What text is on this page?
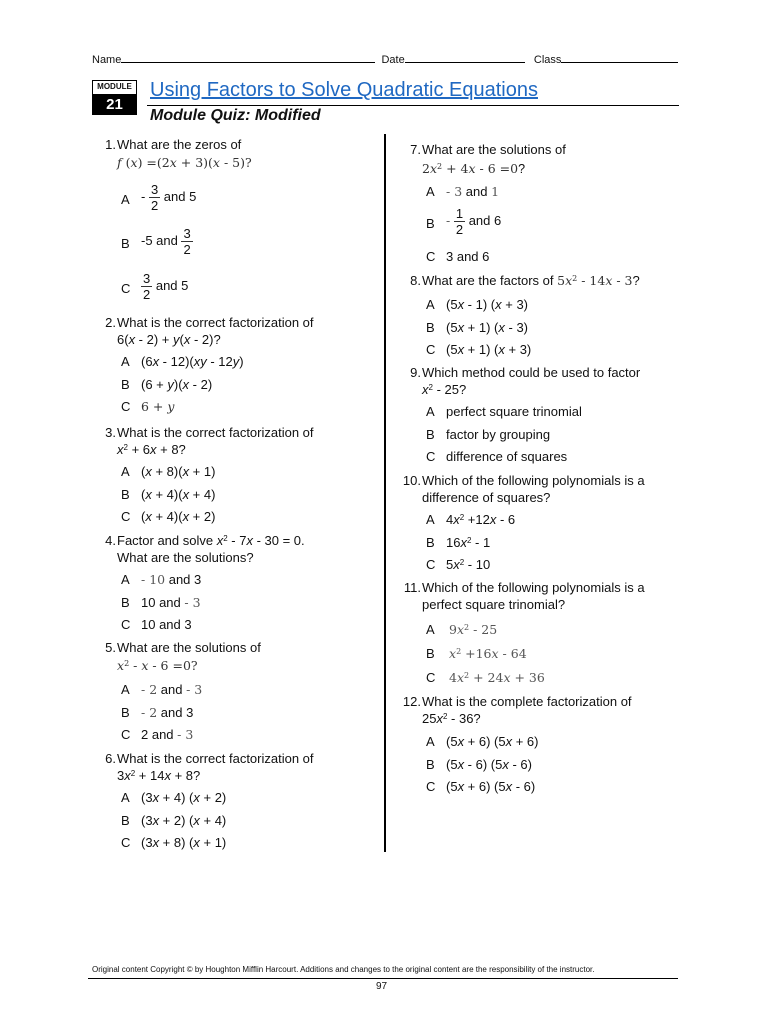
Name	Date	Class
MODULE
21
Using Factors to Solve Quadratic Equations
Module Quiz: Modified
1. What are the zeros of
f (x) =(2x + 3)(x - 5)?
A - $\frac{3}{2}$ and 5
B -5 and $\frac{3}{2}$
C $\frac{3}{2}$ and 5
2. What is the correct factorization of
6(x - 2) + y(x - 2)?
A (6x - 12)(xy - 12y)
B (6 + y)(x - 2)
C 6 + y
3. What is the correct factorization of
$x^2 + 6x + 8$?
A (x + 8)(x + 1)
B (x + 4)(x + 4)
C (x + 4)(x + 2)
4. Factor and solve $x^2 - 7x - 30 = 0$.
What are the solutions?
A - 10 and 3
B 10 and - 3
C 10 and 3
5. What are the solutions of
$x^2 - x - 6 =0$?
A - 2 and - 3
B - 2 and 3
C 2 and - 3
6. What is the correct factorization of
$3x^2 + 14x + 8$?
A (3x + 4) (x + 2)
B (3x + 2) (x + 4)
C (3x + 8) (x + 1)
7. What are the solutions of
$2x^2 + 4x - 6 =0$?
A - 3 and 1
B - $\frac{1}{2}$ and 6
C 3 and 6
8. What are the factors of $5x^2 - 14x - 3$?
A (5x - 1) (x + 3)
B (5x + 1) (x - 3)
C (5x + 1) (x + 3)
9. Which method could be used to factor
$x^2 - 25$?
A perfect square trinomial
B factor by grouping
C difference of squares
10. Which of the following polynomials is a
difference of squares?
A $4x^2 +12x - 6$
B $16x^2 - 1$
C $5x^2 - 10$
11. Which of the following polynomials is a
perfect square trinomial?
A $9x^2 - 25$
B $x^2 +16x - 64$
C $4x^2 + 24x + 36$
12. What is the complete factorization of
$25x^2 - 36$?
A (5x + 6) (5x + 6)
B (5x - 6) (5x - 6)
C (5x + 6) (5x - 6)
Original content Copyright © by Houghton Mifflin Harcourt. Additions and changes to the original content are the responsibility of the instructor.
97
